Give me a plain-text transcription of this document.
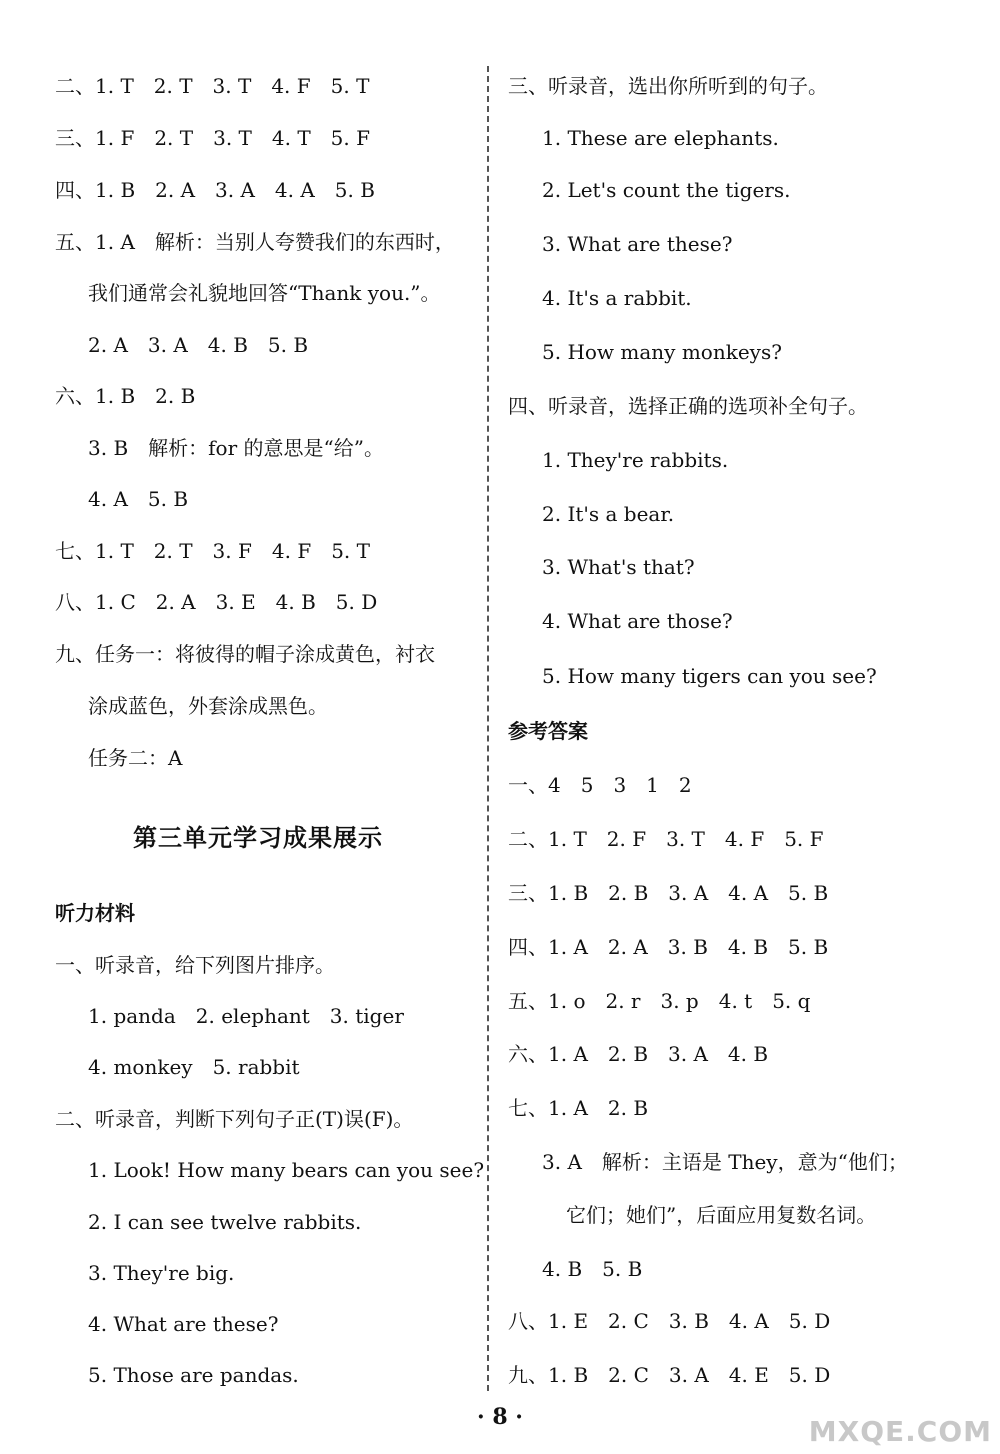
二、1. T　2. T　3. T　4. F　5. T
三、1. F　2. T　3. T　4. T　5. F
四、1. B　2. A　3. A　4. A　5. B
五、1. A　解析：当别人夸赞我们的东西时，
我们通常会礼貌地回答“Thank you.”。
2. A　3. A　4. B　5. B
六、1. B　2. B
3. B　解析：for 的意思是“给”。
4. A　5. B
七、1. T　2. T　3. F　4. F　5. T
八、1. C　2. A　3. E　4. B　5. D
九、任务一：将彼得的帽子涂成黄色，衬衣
涂成蓝色，外套涂成黑色。
任务二：A
第三单元学习成果展示
听力材料
一、听录音，给下列图片排序。
1. panda　2. elephant　3. tiger
4. monkey　5. rabbit
二、听录音，判断下列句子正(T)误(F)。
1. Look! How many bears can you see?
2. I can see twelve rabbits.
3. They're big.
4. What are these?
5. Those are pandas.
三、听录音，选出你所听到的句子。
1. These are elephants.
2. Let's count the tigers.
3. What are these?
4. It's a rabbit.
5. How many monkeys?
四、听录音，选择正确的选项补全句子。
1. They're rabbits.
2. It's a bear.
3. What's that?
4. What are those?
5. How many tigers can you see?
参考答案
一、4　5　3　1　2
二、1. T　2. F　3. T　4. F　5. F
三、1. B　2. B　3. A　4. A　5. B
四、1. A　2. A　3. B　4. B　5. B
五、1. o　2. r　3. p　4. t　5. q
六、1. A　2. B　3. A　4. B
七、1. A　2. B
3. A　解析：主语是 They，意为“他们；
它们；她们”，后面应用复数名词。
4. B　5. B
八、1. E　2. C　3. B　4. A　5. D
九、1. B　2. C　3. A　4. E　5. D
· 8 ·	MXQE.COM
